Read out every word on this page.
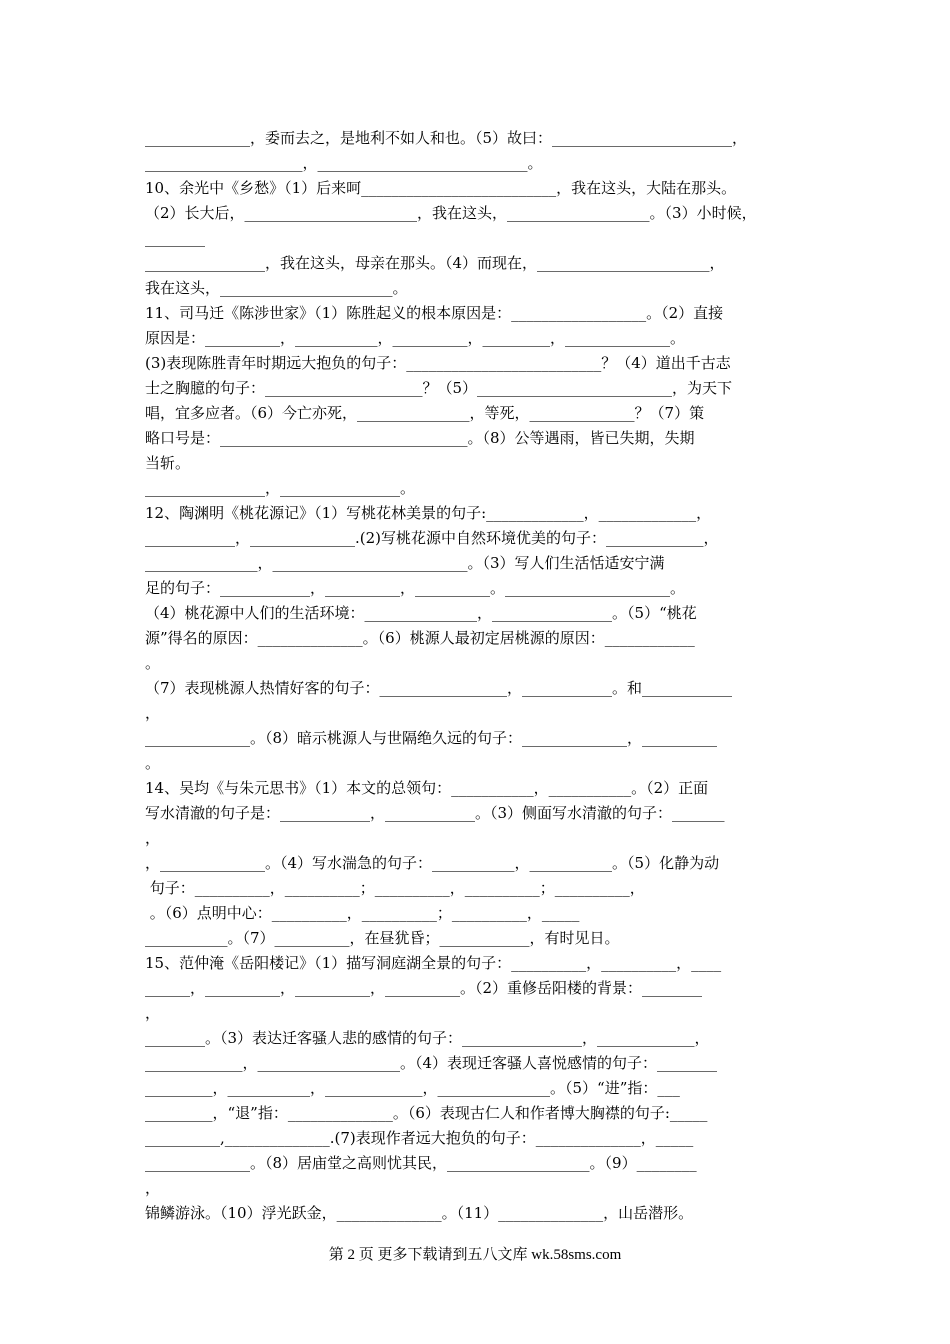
______________，委而去之，是地利不如人和也。（5）故曰：________________________，
_____________________，____________________________。
10、余光中《乡愁》（1）后来呵__________________________，我在这头，大陆在那头。
（2）长大后，_______________________，我在这头，___________________。（3）小时候，
________
________________，我在这头，母亲在那头。（4）而现在，_______________________，
我在这头，_______________________。
11、司马迁《陈涉世家》（1）陈胜起义的根本原因是：__________________。（2）直接
原因是：__________，___________，__________，_________，______________。
(3)表现陈胜青年时期远大抱负的句子：__________________________？（4）道出千古志
士之胸臆的句子：_____________________？（5）__________________________，为天下
唱，宜多应者。（6）今亡亦死，_______________，等死，______________？（7）策
略口号是：_________________________________。（8）公等遇雨，皆已失期，失期
当斩。
________________，________________。
12、陶渊明《桃花源记》（1）写桃花林美景的句子:_____________，_____________，
____________，______________.(2)写桃花源中自然环境优美的句子：_____________，
_______________，__________________________。（3）写人们生活恬适安宁满
足的句子：____________，__________，__________。______________________。
（4）桃花源中人们的生活环境：_______________，________________。（5）“桃花
源”得名的原因：______________。（6）桃源人最初定居桃源的原因：____________
。
（7）表现桃源人热情好客的句子：_________________，____________。和____________
，
______________。（8）暗示桃源人与世隔绝久远的句子：______________，__________
。
14、吴均《与朱元思书》（1）本文的总领句：___________，___________。（2）正面
写水清澈的句子是：____________，____________。（3）侧面写水清澈的句子：_______
，
，______________。（4）写水湍急的句子：___________，___________。（5）化静为动
句子：__________，__________；__________，__________；__________，
。（6）点明中心：__________，__________；__________，_____
___________。（7）__________，在昼犹昏；____________，有时见日。
15、范仲淹《岳阳楼记》（1）描写洞庭湖全景的句子：__________，__________，____
______，__________，__________，__________。（2）重修岳阳楼的背景：________
，
________。（3）表达迁客骚人悲的感情的句子：________________，_____________，
_____________，___________________。（4）表现迁客骚人喜悦感情的句子：________
_________，___________，_____________，_______________。（5）“进”指：___
_________，“退”指：______________。（6）表现古仁人和作者博大胸襟的句子:_____
__________,______________.(7)表现作者远大抱负的句子：______________，_____
______________。（8）居庙堂之高则忧其民，___________________。（9）________
，
锦鳞游泳。（10）浮光跃金，______________。（11）______________，山岳潜形。
第 2 页 更多下载请到五八文库 wk.58sms.com
